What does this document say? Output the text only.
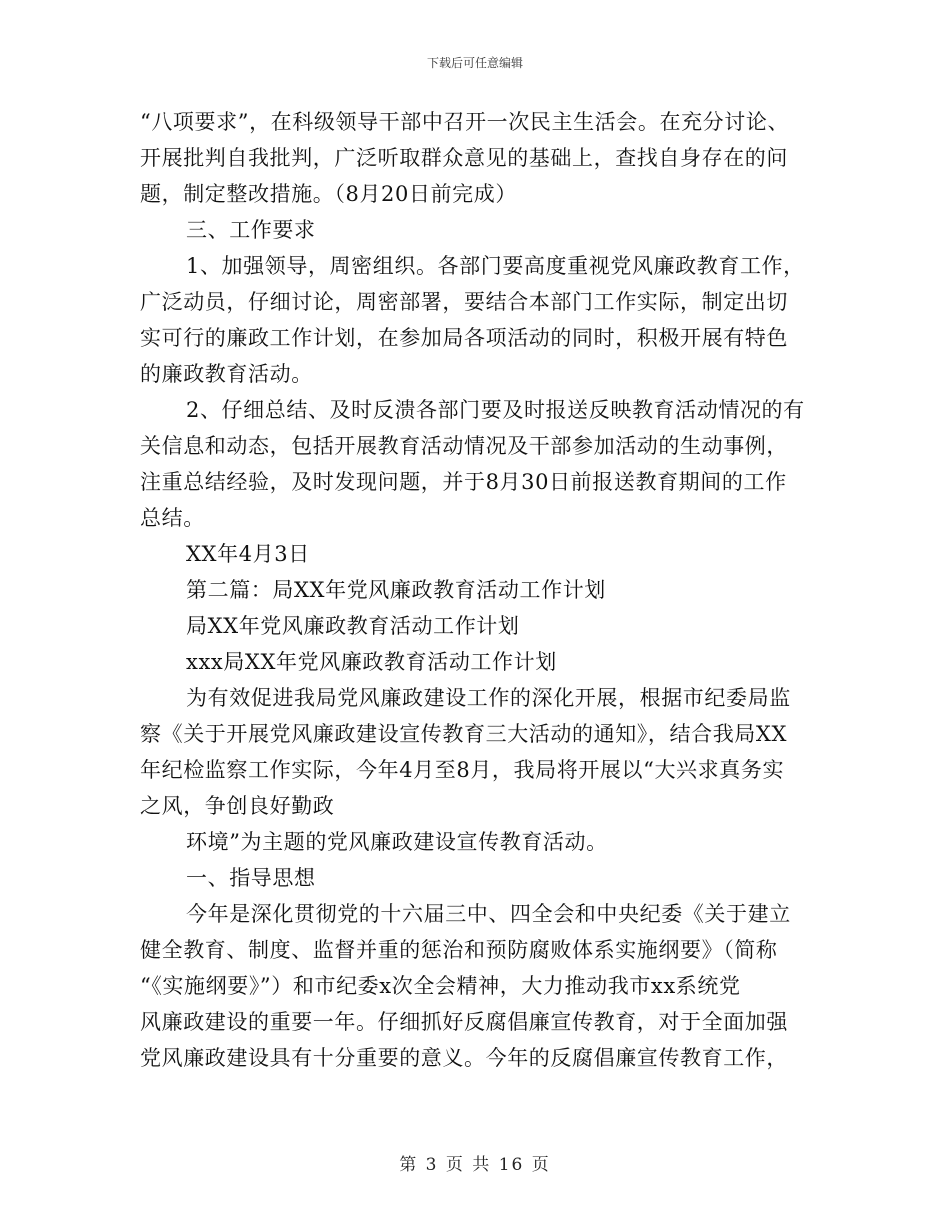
下载后可任意编辑
“八项要求”，在科级领导干部中召开一次民主生活会。在充分讨论、
开展批判自我批判，广泛听取群众意见的基础上，查找自身存在的问
题，制定整改措施。（8月20日前完成）
三、工作要求
1、加强领导，周密组织。各部门要高度重视党风廉政教育工作，
广泛动员，仔细讨论，周密部署，要结合本部门工作实际，制定出切
实可行的廉政工作计划，在参加局各项活动的同时，积极开展有特色
的廉政教育活动。
2、仔细总结、及时反溃各部门要及时报送反映教育活动情况的有
关信息和动态，包括开展教育活动情况及干部参加活动的生动事例，
注重总结经验，及时发现问题，并于8月30日前报送教育期间的工作
总结。
XX年4月3日
第二篇：局XX年党风廉政教育活动工作计划
局XX年党风廉政教育活动工作计划
xxx局XX年党风廉政教育活动工作计划
为有效促进我局党风廉政建设工作的深化开展，根据市纪委局监
察《关于开展党风廉政建设宣传教育三大活动的通知》，结合我局XX
年纪检监察工作实际，今年4月至8月，我局将开展以“大兴求真务实
之风，争创良好勤政
环境”为主题的党风廉政建设宣传教育活动。
一、指导思想
今年是深化贯彻党的十六届三中、四全会和中央纪委《关于建立
健全教育、制度、监督并重的惩治和预防腐败体系实施纲要》（简称
“《实施纲要》”）和市纪委x次全会精神，大力推动我市xx系统党
风廉政建设的重要一年。仔细抓好反腐倡廉宣传教育，对于全面加强
党风廉政建设具有十分重要的意义。今年的反腐倡廉宣传教育工作，
第 3 页 共 16 页
